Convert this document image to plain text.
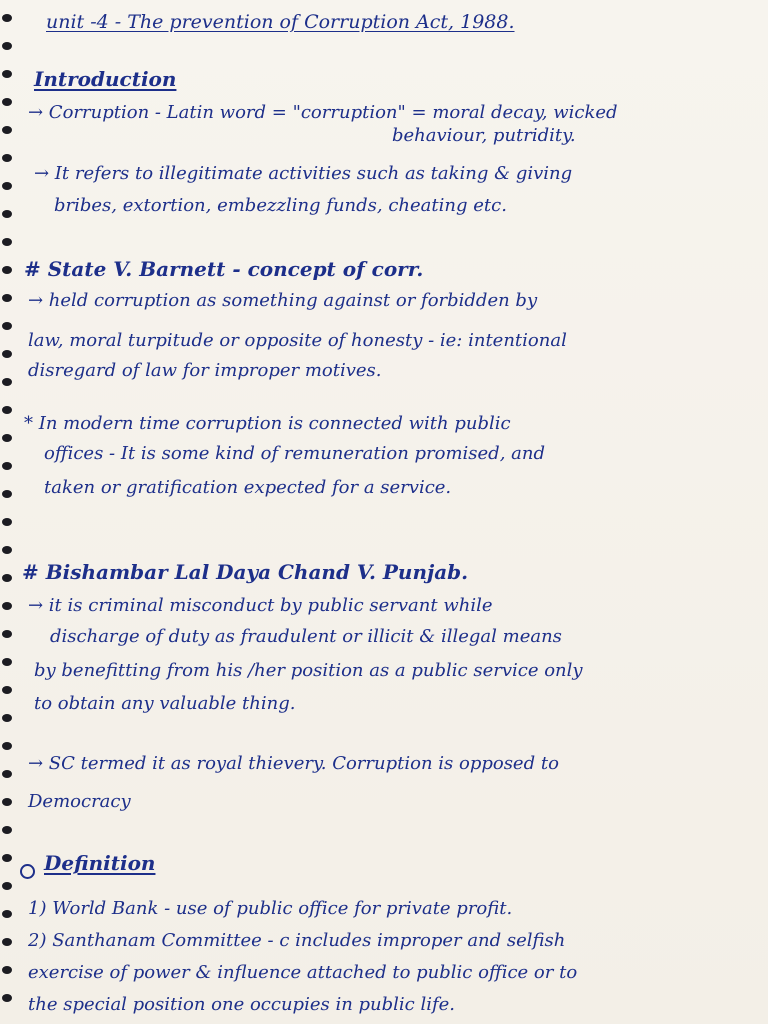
unit -4 - The prevention of Corruption Act, 1988.
Introduction
→ Corruption - Latin word = "corruption" = moral decay, wicked
behaviour, putridity.
→ It refers to illegitimate activities such as taking & giving
bribes, extortion, embezzling funds, cheating etc.
# State V. Barnett - concept of corr.
→ held corruption as something against or forbidden by
law, moral turpitude or opposite of honesty - ie: intentional
disregard of law for improper motives.
* In modern time corruption is connected with public
offices - It is some kind of remuneration promised, and
taken or gratification expected for a service.
# Bishambar Lal Daya Chand V. Punjab.
→ it is criminal misconduct by public servant while
discharge of duty as fraudulent or illicit & illegal means
by benefitting from his /her position as a public service only
to obtain any valuable thing.
→ SC termed it as royal thievery. Corruption is opposed to
Democracy
Definition
1) World Bank - use of public office for private profit.
2) Santhanam Committee - c includes improper and selfish
exercise of power & influence attached to public office or to
the special position one occupies in public life.
